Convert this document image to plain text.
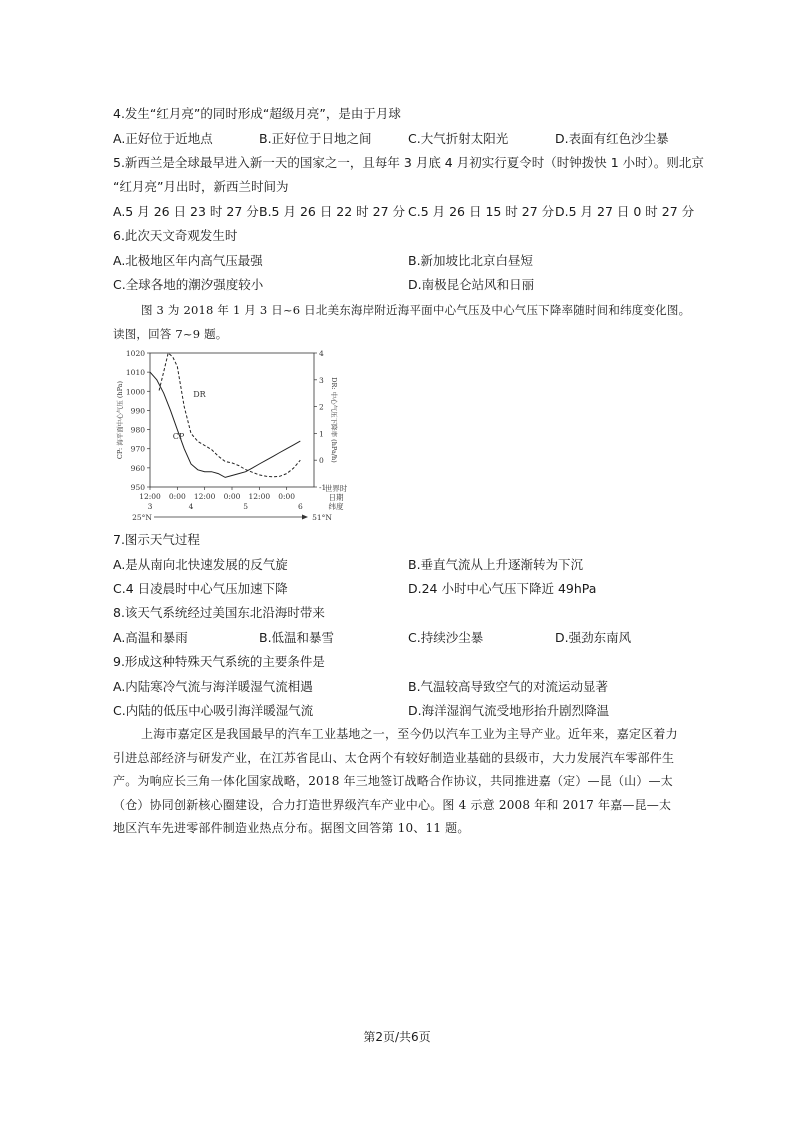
4.发生“红月亮”的同时形成“超级月亮”，是由于月球
A.正好位于近地点	B.正好位于日地之间	C.大气折射太阳光	D.表面有红色沙尘暴
5.新西兰是全球最早进入新一天的国家之一，且每年 3 月底 4 月初实行夏令时（时钟拨快 1 小时）。则北京
“红月亮”月出时，新西兰时间为
A.5 月 26 日 23 时 27 分 B.5 月 26 日 22 时 27 分 C.5 月 26 日 15 时 27 分 D.5 月 27 日 0 时 27 分
6.此次天文奇观发生时
A.北极地区年内高气压最强	B.新加坡比北京白昼短
C.全球各地的潮汐强度较小	D.南极昆仑站风和日丽
图 3 为 2018 年 1 月 3 日~6 日北美东海岸附近海平面中心气压及中心气压下降率随时间和纬度变化图。
读图，回答 7~9 题。
950
960
970
980
990
1000
1010
1020
-1
0
1
2
3
4
12:00 0:00 12:00 0:00 12:00 0:00
3	4	5	6
世界时
日期
纬度
25°N	51°N
CP: 海平面中心气压 (hPa)	DR: 中心气压下降率 (hPa/h)
CP
DR
7.图示天气过程
A.是从南向北快速发展的反气旋	B.垂直气流从上升逐渐转为下沉
C.4 日凌晨时中心气压加速下降	D.24 小时中心气压下降近 49hPa
8.该天气系统经过美国东北沿海时带来
A.高温和暴雨	B.低温和暴雪	C.持续沙尘暴	D.强劲东南风
9.形成这种特殊天气系统的主要条件是
A.内陆寒冷气流与海洋暖湿气流相遇	B.气温较高导致空气的对流运动显著
C.内陆的低压中心吸引海洋暖湿气流	D.海洋湿润气流受地形抬升剧烈降温
上海市嘉定区是我国最早的汽车工业基地之一，至今仍以汽车工业为主导产业。近年来，嘉定区着力引进总部经济与研发产业，在江苏省昆山、太仓两个有较好制造业基础的县级市，大力发展汽车零部件生产。为响应长三角一体化国家战略，2018 年三地签订战略合作协议，共同推进嘉（定）—昆（山）—太（仓）协同创新核心圈建设，合力打造世界级汽车产业中心。图 4 示意 2008 年和 2017 年嘉—昆—太地区汽车先进零部件制造业热点分布。据图文回答第 10、11 题。
第2页/共6页
